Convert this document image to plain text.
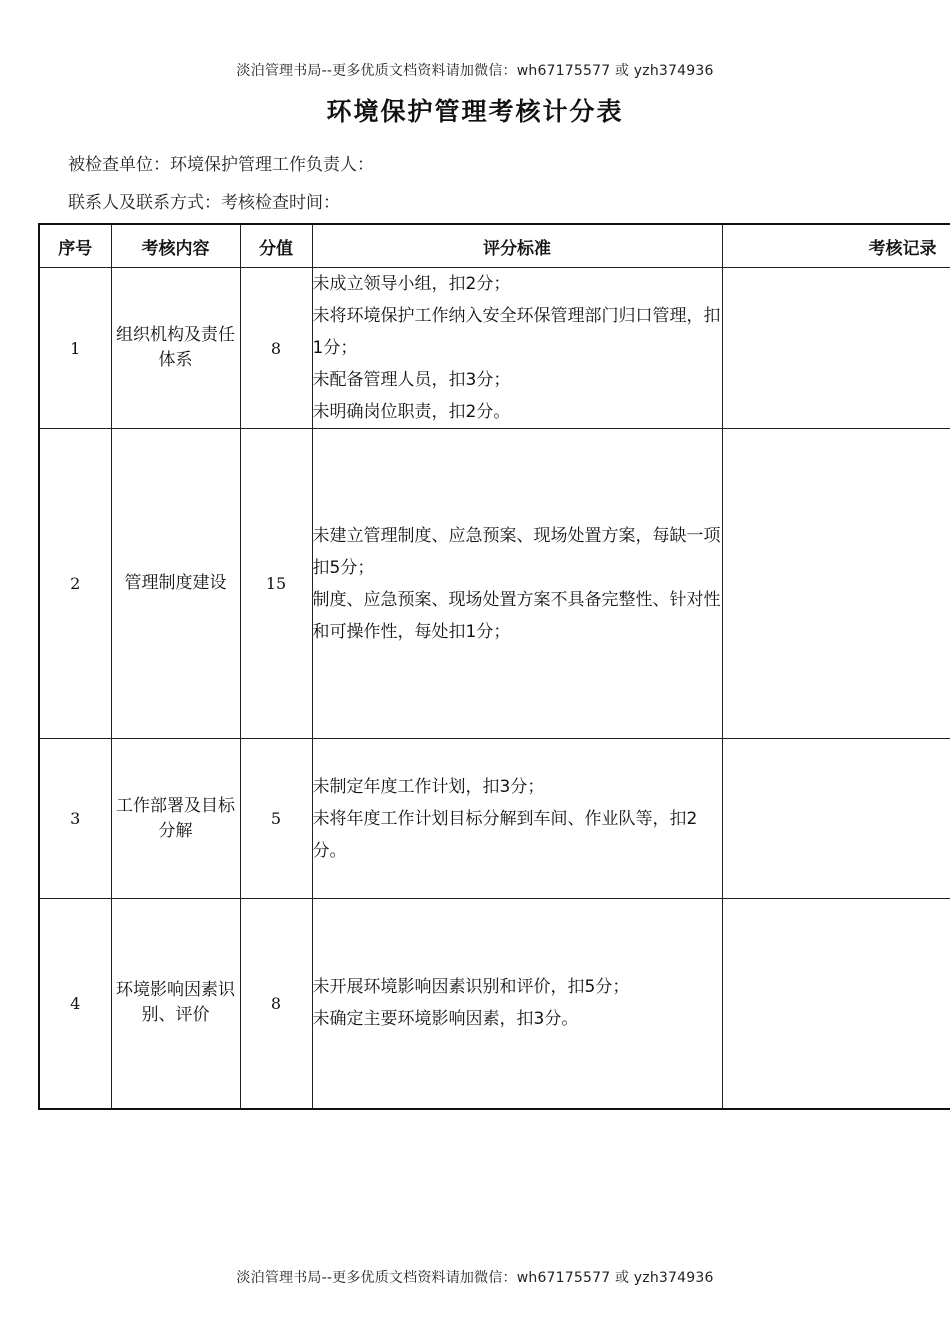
淡泊管理书局--更多优质文档资料请加微信：wh67175577 或 yzh374936
环境保护管理考核计分表
被检查单位：环境保护管理工作负责人：
联系人及联系方式：考核检查时间：
序号	考核内容	分值	评分标准	考核记录
1	组织机构及责任体系	8	未成立领导小组，扣2分；
未将环境保护工作纳入安全环保管理部门归口管理，扣1分；
未配备管理人员，扣3分；
未明确岗位职责，扣2分。	

2	管理制度建设	15	未建立管理制度、应急预案、现场处置方案，每缺一项扣5分；
制度、应急预案、现场处置方案不具备完整性、针对性和可操作性，每处扣1分；	

3	工作部署及目标分解	5	未制定年度工作计划，扣3分；
未将年度工作计划目标分解到车间、作业队等，扣2分。	

4	环境影响因素识别、评价	8	未开展环境影响因素识别和评价，扣5分；
未确定主要环境影响因素，扣3分。	

淡泊管理书局--更多优质文档资料请加微信：wh67175577 或 yzh374936
